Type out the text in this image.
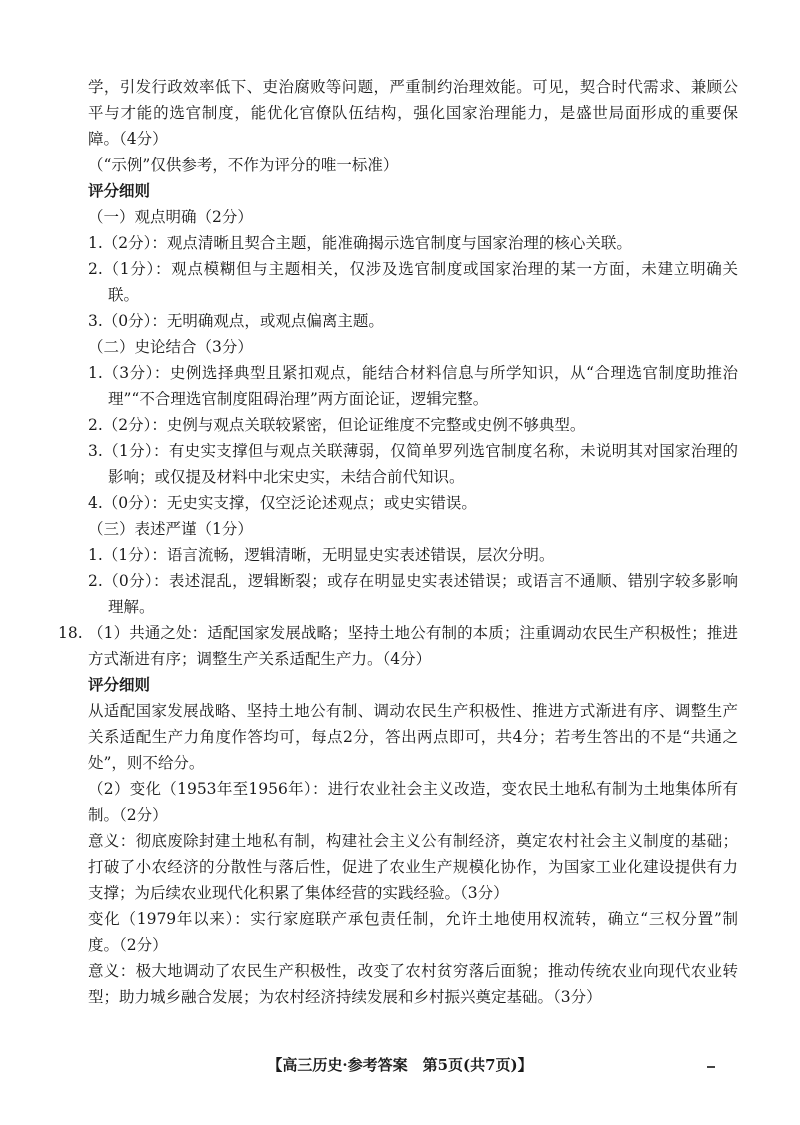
学，引发行政效率低下、吏治腐败等问题，严重制约治理效能。可见，契合时代需求、兼顾公平与才能的选官制度，能优化官僚队伍结构，强化国家治理能力，是盛世局面形成的重要保障。（4分）

（“示例”仅供参考，不作为评分的唯一标准）

评分细则

（一）观点明确（2分）

1.（2分）：观点清晰且契合主题，能准确揭示选官制度与国家治理的核心关联。

2.（1分）：观点模糊但与主题相关，仅涉及选官制度或国家治理的某一方面，未建立明确关联。

3.（0分）：无明确观点，或观点偏离主题。

（二）史论结合（3分）

1.（3分）：史例选择典型且紧扣观点，能结合材料信息与所学知识，从“合理选官制度助推治理”“不合理选官制度阻碍治理”两方面论证，逻辑完整。

2.（2分）：史例与观点关联较紧密，但论证维度不完整或史例不够典型。

3.（1分）：有史实支撑但与观点关联薄弱，仅简单罗列选官制度名称，未说明其对国家治理的影响；或仅提及材料中北宋史实，未结合前代知识。

4.（0分）：无史实支撑，仅空泛论述观点；或史实错误。

（三）表述严谨（1分）

1.（1分）：语言流畅，逻辑清晰，无明显史实表述错误，层次分明。

2.（0分）：表述混乱，逻辑断裂；或存在明显史实表述错误；或语言不通顺、错别字较多影响理解。

18. （1）共通之处：适配国家发展战略；坚持土地公有制的本质；注重调动农民生产积极性；推进方式渐进有序；调整生产关系适配生产力。（4分）

评分细则

从适配国家发展战略、坚持土地公有制、调动农民生产积极性、推进方式渐进有序、调整生产关系适配生产力角度作答均可，每点2分，答出两点即可，共4分；若考生答出的不是“共通之处”，则不给分。

（2）变化（1953年至1956年）：进行农业社会主义改造，变农民土地私有制为土地集体所有制。（2分）

意义：彻底废除封建土地私有制，构建社会主义公有制经济，奠定农村社会主义制度的基础；打破了小农经济的分散性与落后性，促进了农业生产规模化协作，为国家工业化建设提供有力支撑；为后续农业现代化积累了集体经营的实践经验。（3分）

变化（1979年以来）：实行家庭联产承包责任制，允许土地使用权流转，确立“三权分置”制度。（2分）

意义：极大地调动了农民生产积极性，改变了农村贫穷落后面貌；推动传统农业向现代农业转型；助力城乡融合发展；为农村经济持续发展和乡村振兴奠定基础。（3分）

【高三历史·参考答案　第5页(共7页)】
